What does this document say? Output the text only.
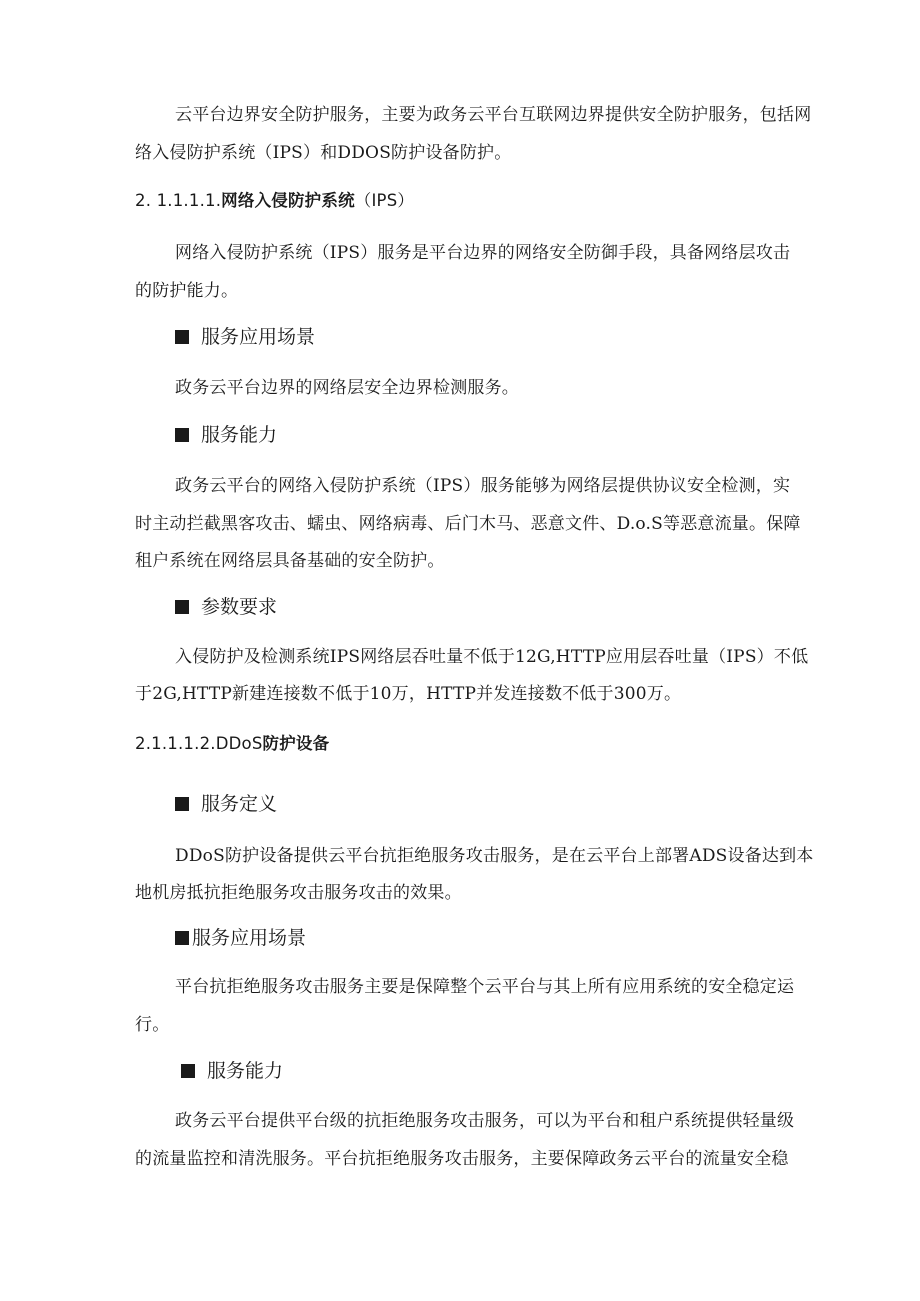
云平台边界安全防护服务，主要为政务云平台互联网边界提供安全防护服务，包括网
络入侵防护系统（IPS）和DDOS防护设备防护。
2. 1.1.1.1.网络入侵防护系统（IPS）
网络入侵防护系统（IPS）服务是平台边界的网络安全防御手段，具备网络层攻击
的防护能力。
服务应用场景
政务云平台边界的网络层安全边界检测服务。
服务能力
政务云平台的网络入侵防护系统（IPS）服务能够为网络层提供协议安全检测，实
时主动拦截黑客攻击、蠕虫、网络病毒、后门木马、恶意文件、D.o.S等恶意流量。保障
租户系统在网络层具备基础的安全防护。
参数要求
入侵防护及检测系统IPS网络层吞吐量不低于12G,HTTP应用层吞吐量（IPS）不低
于2G,HTTP新建连接数不低于10万，HTTP并发连接数不低于300万。
2.1.1.1.2.DDoS防护设备
服务定义
DDoS防护设备提供云平台抗拒绝服务攻击服务，是在云平台上部署ADS设备达到本
地机房抵抗拒绝服务攻击服务攻击的效果。
服务应用场景
平台抗拒绝服务攻击服务主要是保障整个云平台与其上所有应用系统的安全稳定运
行。
服务能力
政务云平台提供平台级的抗拒绝服务攻击服务，可以为平台和租户系统提供轻量级
的流量监控和清洗服务。平台抗拒绝服务攻击服务，主要保障政务云平台的流量安全稳
